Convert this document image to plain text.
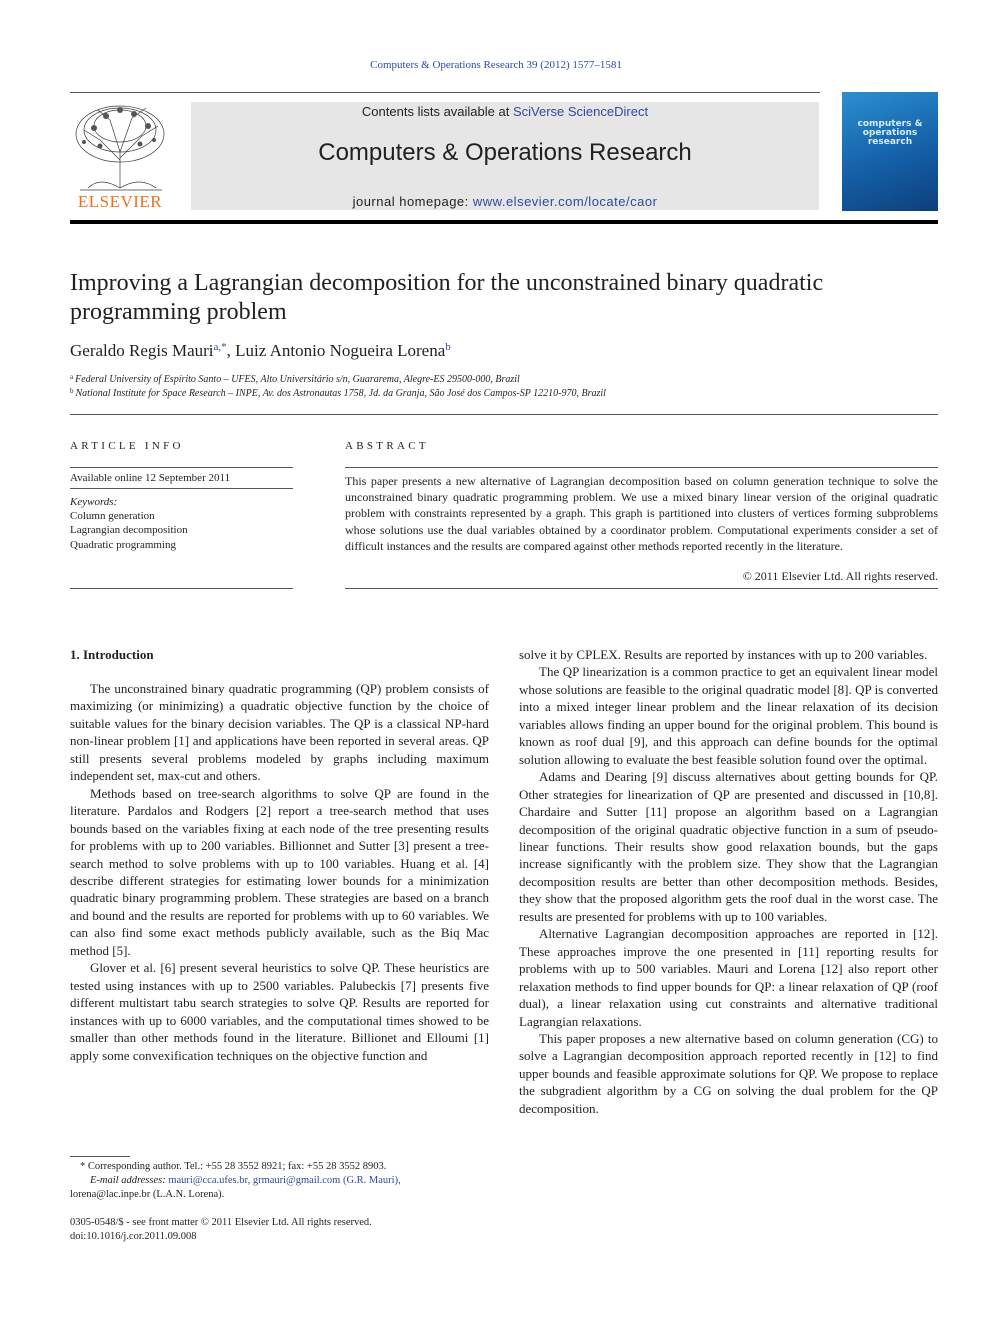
Computers & Operations Research 39 (2012) 1577–1581
ELSEVIER
Contents lists available at SciVerse ScienceDirect
Computers & Operations Research
journal homepage: www.elsevier.com/locate/caor
computers & operations research
Improving a Lagrangian decomposition for the unconstrained binary quadratic programming problem
Geraldo Regis Mauri$^{a,*}$, Luiz Antonio Nogueira Lorena$^b$
$^a$ Federal University of Espírito Santo – UFES, Alto Universitário s/n, Guararema, Alegre-ES 29500-000, Brazil
$^b$ National Institute for Space Research – INPE, Av. dos Astronautas 1758, Jd. da Granja, São José dos Campos-SP 12210-970, Brazil
ARTICLE INFO
Available online 12 September 2011
Keywords:
Column generation
Lagrangian decomposition
Quadratic programming
ABSTRACT
This paper presents a new alternative of Lagrangian decomposition based on column generation technique to solve the unconstrained binary quadratic programming problem. We use a mixed binary linear version of the original quadratic problem with constraints represented by a graph. This graph is partitioned into clusters of vertices forming subproblems whose solutions use the dual variables obtained by a coordinator problem. Computational experiments consider a set of difficult instances and the results are compared against other methods reported recently in the literature.
© 2011 Elsevier Ltd. All rights reserved.
1. Introduction

The unconstrained binary quadratic programming (QP) problem consists of maximizing (or minimizing) a quadratic objective function by the choice of suitable values for the binary decision variables. The QP is a classical NP-hard non-linear problem [1] and applications have been reported in several areas. QP still presents several problems modeled by graphs including maximum independent set, max-cut and others.

Methods based on tree-search algorithms to solve QP are found in the literature. Pardalos and Rodgers [2] report a tree-search method that uses bounds based on the variables fixing at each node of the tree presenting results for problems with up to 200 variables. Billionnet and Sutter [3] present a tree-search method to solve problems with up to 100 variables. Huang et al. [4] describe different strategies for estimating lower bounds for a minimization quadratic binary programming problem. These strategies are based on a branch and bound and the results are reported for problems with up to 60 variables. We can also find some exact methods publicly available, such as the Biq Mac method [5].

Glover et al. [6] present several heuristics to solve QP. These heuristics are tested using instances with up to 2500 variables. Palubeckis [7] presents five different multistart tabu search strategies to solve QP. Results are reported for instances with up to 6000 variables, and the computational times showed to be smaller than other methods found in the literature. Billionet and Elloumi [1] apply some convexification techniques on the objective function and

solve it by CPLEX. Results are reported by instances with up to 200 variables.

The QP linearization is a common practice to get an equivalent linear model whose solutions are feasible to the original quadratic model [8]. QP is converted into a mixed integer linear problem and the linear relaxation of its decision variables allows finding an upper bound for the original problem. This bound is known as roof dual [9], and this approach can define bounds for the optimal solution allowing to evaluate the best feasible solution found over the optimal.

Adams and Dearing [9] discuss alternatives about getting bounds for QP. Other strategies for linearization of QP are presented and discussed in [10,8]. Chardaire and Sutter [11] propose an algorithm based on a Lagrangian decomposition of the original quadratic objective function in a sum of pseudo-linear functions. Their results show good relaxation bounds, but the gaps increase significantly with the problem size. They show that the Lagrangian decomposition results are better than other decomposition methods. Besides, they show that the proposed algorithm gets the roof dual in the worst case. The results are presented for problems with up to 100 variables.

Alternative Lagrangian decomposition approaches are reported in [12]. These approaches improve the one presented in [11] reporting results for problems with up to 500 variables. Mauri and Lorena [12] also report other relaxation methods to find upper bounds for QP: a linear relaxation of QP (roof dual), a linear relaxation using cut constraints and alternative traditional Lagrangian relaxations.

This paper proposes a new alternative based on column generation (CG) to solve a Lagrangian decomposition approach reported recently in [12] to find upper bounds and feasible approximate solutions for QP. We propose to replace the subgradient algorithm by a CG on solving the dual problem for the QP decomposition.

* Corresponding author. Tel.: +55 28 3552 8921; fax: +55 28 3552 8903.
E-mail addresses: mauri@cca.ufes.br, grmauri@gmail.com (G.R. Mauri),
lorena@lac.inpe.br (L.A.N. Lorena).
0305-0548/$ - see front matter © 2011 Elsevier Ltd. All rights reserved.
doi:10.1016/j.cor.2011.09.008
